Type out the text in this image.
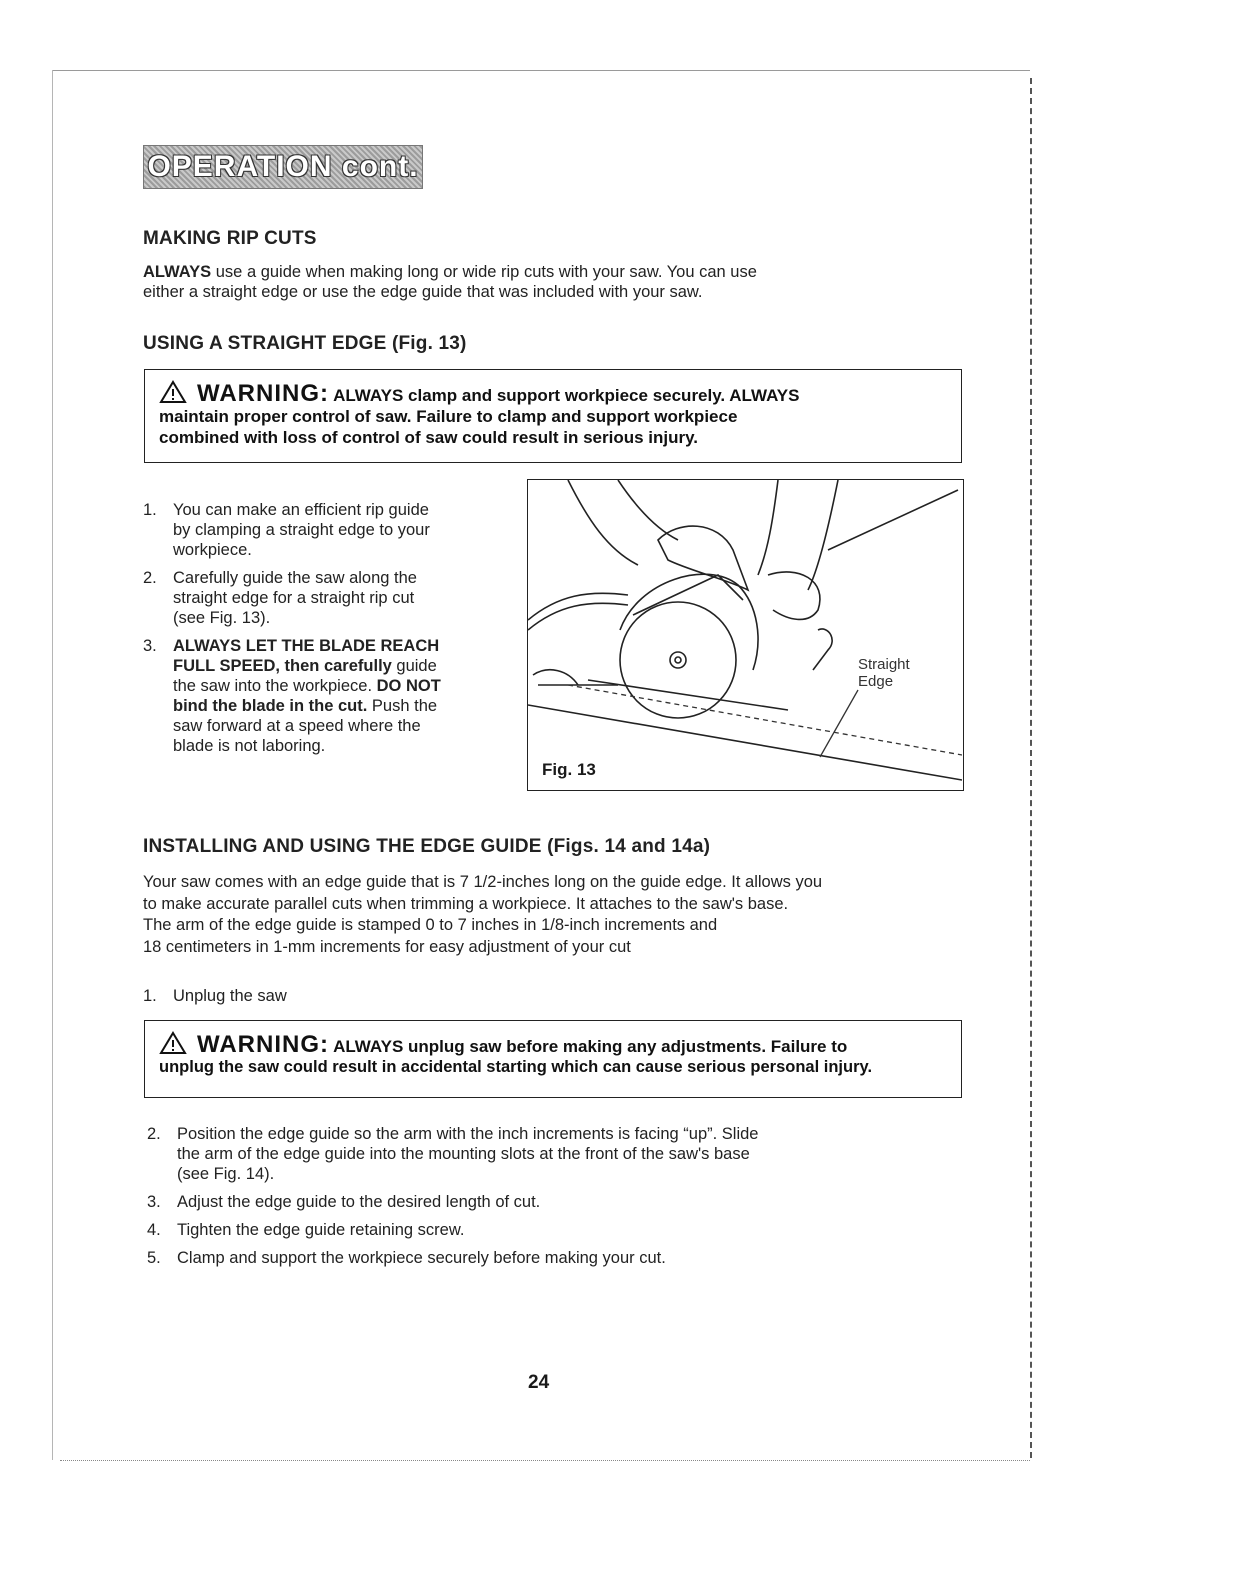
OPERATION cont.
MAKING RIP CUTS

ALWAYS use a guide when making long or wide rip cuts with your saw. You can use
either a straight edge or use the edge guide that was included with your saw.

USING A STRAIGHT EDGE (Fig. 13)
WARNING: ALWAYS clamp and support workpiece securely. ALWAYS
maintain proper control of saw. Failure to clamp and support workpiece
combined with loss of control of saw could result in serious injury.
1. You can make an efficient rip guide
by clamping a straight edge to your
workpiece.
2. Carefully guide the saw along the
straight edge for a straight rip cut
(see Fig. 13).
3. ALWAYS LET THE BLADE REACH
FULL SPEED, then carefully guide
the saw into the workpiece. DO NOT
bind the blade in the cut. Push the
saw forward at a speed where the
blade is not laboring.
Straight
Edge
Fig. 13
INSTALLING AND USING THE EDGE GUIDE (Figs. 14 and 14a)

Your saw comes with an edge guide that is 7 1/2-inches long on the guide edge. It allows you
to make accurate parallel cuts when trimming a workpiece. It attaches to the saw's base.
The arm of the edge guide is stamped 0 to 7 inches in 1/8-inch increments and
18 centimeters in 1-mm increments for easy adjustment of your cut

1. Unplug the saw
WARNING: ALWAYS unplug saw before making any adjustments. Failure to
unplug the saw could result in accidental starting which can cause serious personal injury.
2. Position the edge guide so the arm with the inch increments is facing “up”. Slide
the arm of the edge guide into the mounting slots at the front of the saw's base
(see Fig. 14).
3. Adjust the edge guide to the desired length of cut.
4. Tighten the edge guide retaining screw.
5. Clamp and support the workpiece securely before making your cut.
24
